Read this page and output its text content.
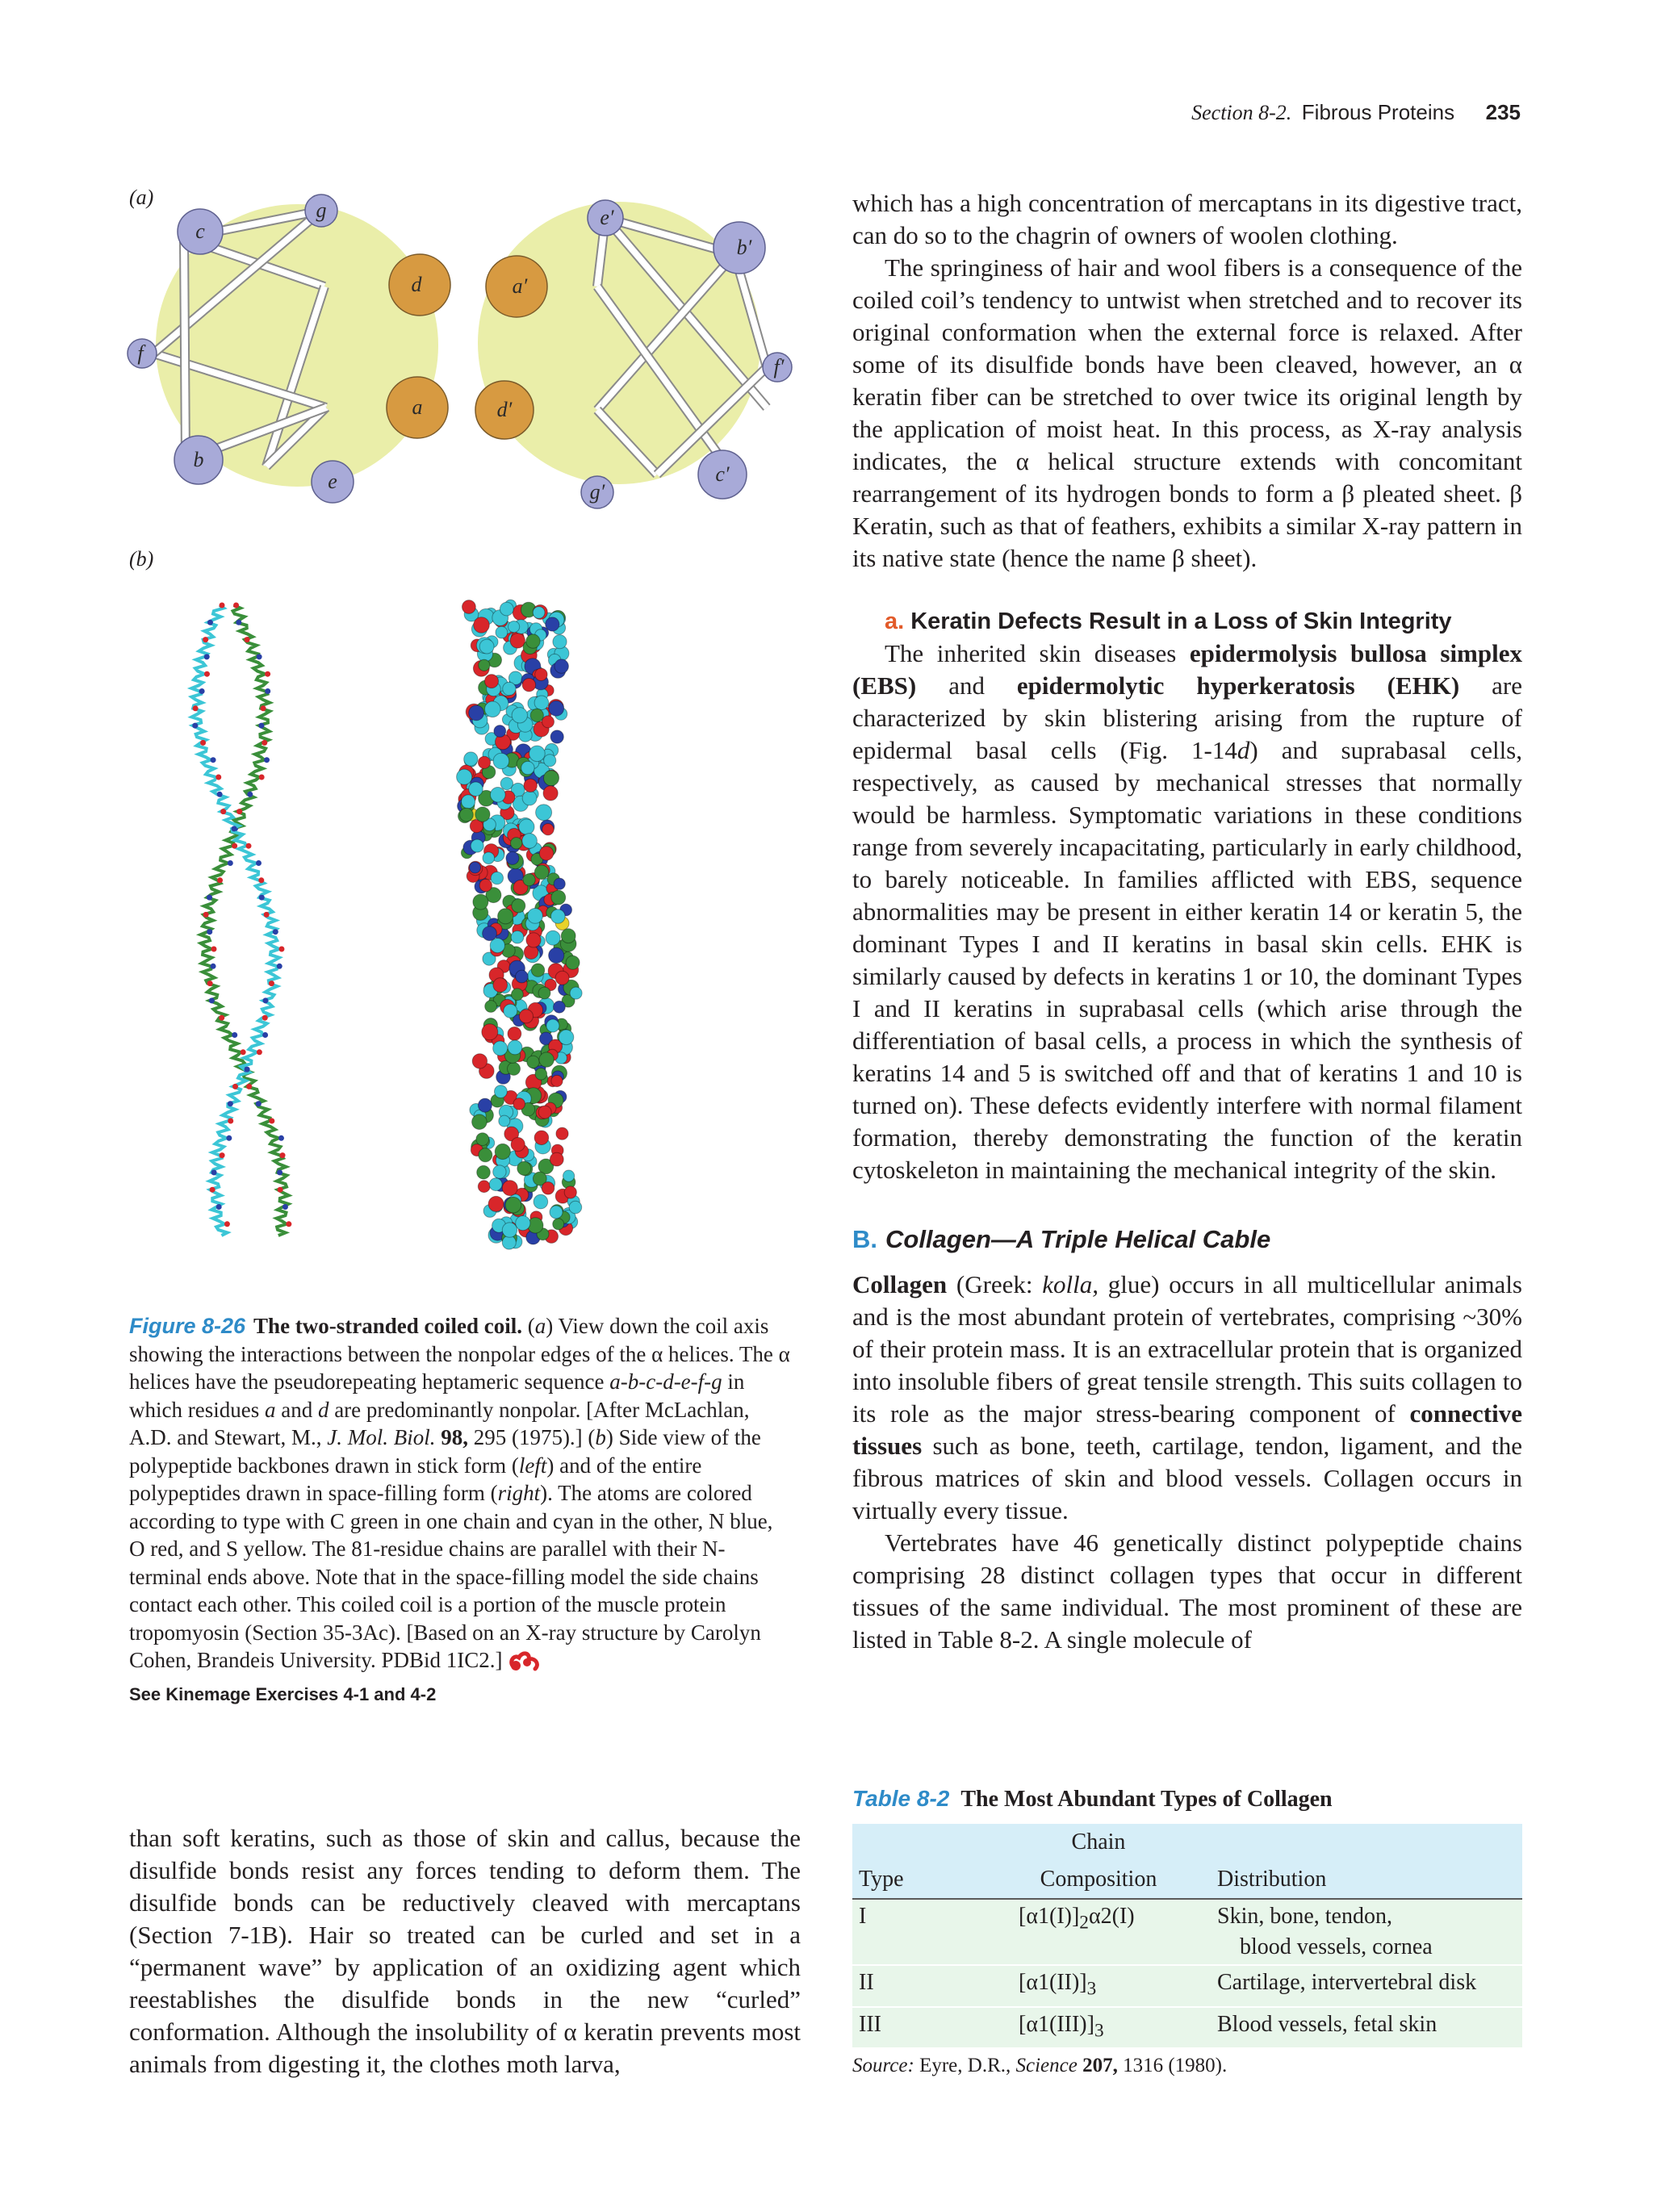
Section 8-2. Fibrous Proteins 235
(a)
(b)
g
c
d
f
a
b
e
e′
b′
a′
f′
d′
c′
g′
Figure 8-26 The two-stranded coiled coil. (a) View down the coil axis showing the interactions between the nonpolar edges of the α helices. The α helices have the pseudorepeating heptameric sequence a-b-c-d-e-f-g in which residues a and d are predominantly nonpolar. [After McLachlan, A.D. and Stewart, M., J. Mol. Biol. 98, 295 (1975).] (b) Side view of the polypeptide backbones drawn in stick form (left) and of the entire polypeptides drawn in space-filling form (right). The atoms are colored according to type with C green in one chain and cyan in the other, N blue, O red, and S yellow. The 81-residue chains are parallel with their N-terminal ends above. Note that in the space-filling model the side chains contact each other. This coiled coil is a portion of the muscle protein tropomyosin (Section 35-3Ac). [Based on an X-ray structure by Carolyn Cohen, Brandeis University. PDBid 1IC2.] See Kinemage Exercises 4-1 and 4-2

than soft keratins, such as those of skin and callus, because the disulfide bonds resist any forces tending to deform them. The disulfide bonds can be reductively cleaved with mercaptans (Section 7-1B). Hair so treated can be curled and set in a “permanent wave” by application of an oxidizing agent which reestablishes the disulfide bonds in the new “curled” conformation. Although the insolubility of α keratin prevents most animals from digesting it, the clothes moth larva,

which has a high concentration of mercaptans in its digestive tract, can do so to the chagrin of owners of woolen clothing.

The springiness of hair and wool fibers is a consequence of the coiled coil’s tendency to untwist when stretched and to recover its original conformation when the external force is relaxed. After some of its disulfide bonds have been cleaved, however, an α keratin fiber can be stretched to over twice its original length by the application of moist heat. In this process, as X-ray analysis indicates, the α helical structure extends with concomitant rearrangement of its hydrogen bonds to form a β pleated sheet. β Keratin, such as that of feathers, exhibits a similar X-ray pattern in its native state (hence the name β sheet).

a. Keratin Defects Result in a Loss of Skin Integrity

The inherited skin diseases epidermolysis bullosa simplex (EBS) and epidermolytic hyperkeratosis (EHK) are characterized by skin blistering arising from the rupture of epidermal basal cells (Fig. 1-14d) and suprabasal cells, respectively, as caused by mechanical stresses that normally would be harmless. Symptomatic variations in these conditions range from severely incapacitating, particularly in early childhood, to barely noticeable. In families afflicted with EBS, sequence abnormalities may be present in either keratin 14 or keratin 5, the dominant Types I and II keratins in basal skin cells. EHK is similarly caused by defects in keratins 1 or 10, the dominant Types I and II keratins in suprabasal cells (which arise through the differentiation of basal cells, a process in which the synthesis of keratins 14 and 5 is switched off and that of keratins 1 and 10 is turned on). These defects evidently interfere with normal filament formation, thereby demonstrating the function of the keratin cytoskeleton in maintaining the mechanical integrity of the skin.

B. Collagen—A Triple Helical Cable

Collagen (Greek: kolla, glue) occurs in all multicellular animals and is the most abundant protein of vertebrates, comprising ~30% of their protein mass. It is an extracellular protein that is organized into insoluble fibers of great tensile strength. This suits collagen to its role as the major stress-bearing component of connective tissues such as bone, teeth, cartilage, tendon, ligament, and the fibrous matrices of skin and blood vessels. Collagen occurs in virtually every tissue.

Vertebrates have 46 genetically distinct polypeptide chains comprising 28 distinct collagen types that occur in different tissues of the same individual. The most prominent of these are listed in Table 8-2. A single molecule of

Table 8-2 The Most Abundant Types of Collagen
	Chain	
Type	Composition	Distribution
I	$[\alpha 1(I)]_2\alpha 2(I)$	Skin, bone, tendon,
blood vessels, cornea

II	$[\alpha 1(II)]_3$	Cartilage, intervertebral disk
III	$[\alpha 1(III)]_3$	Blood vessels, fetal skin
Source: Eyre, D.R., Science 207, 1316 (1980).
